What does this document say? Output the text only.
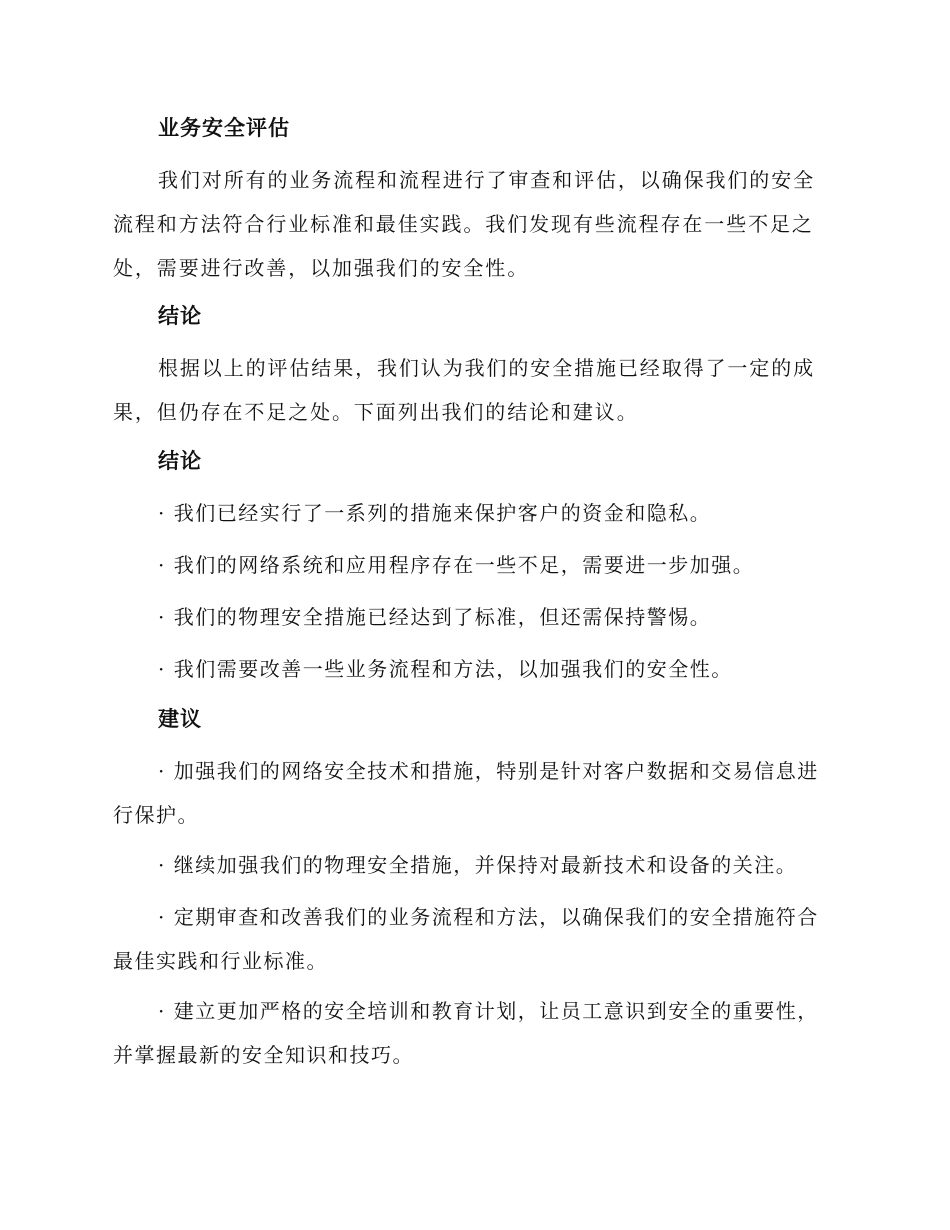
业务安全评估

我们对所有的业务流程和流程进行了审查和评估，以确保我们的安全流程和方法符合行业标准和最佳实践。我们发现有些流程存在一些不足之处，需要进行改善，以加强我们的安全性。

结论

根据以上的评估结果，我们认为我们的安全措施已经取得了一定的成果，但仍存在不足之处。下面列出我们的结论和建议。

结论

· 我们已经实行了一系列的措施来保护客户的资金和隐私。

· 我们的网络系统和应用程序存在一些不足，需要进一步加强。

· 我们的物理安全措施已经达到了标准，但还需保持警惕。

· 我们需要改善一些业务流程和方法，以加强我们的安全性。

建议

· 加强我们的网络安全技术和措施，特别是针对客户数据和交易信息进行保护。

· 继续加强我们的物理安全措施，并保持对最新技术和设备的关注。

· 定期审查和改善我们的业务流程和方法，以确保我们的安全措施符合最佳实践和行业标准。

· 建立更加严格的安全培训和教育计划，让员工意识到安全的重要性，并掌握最新的安全知识和技巧。
